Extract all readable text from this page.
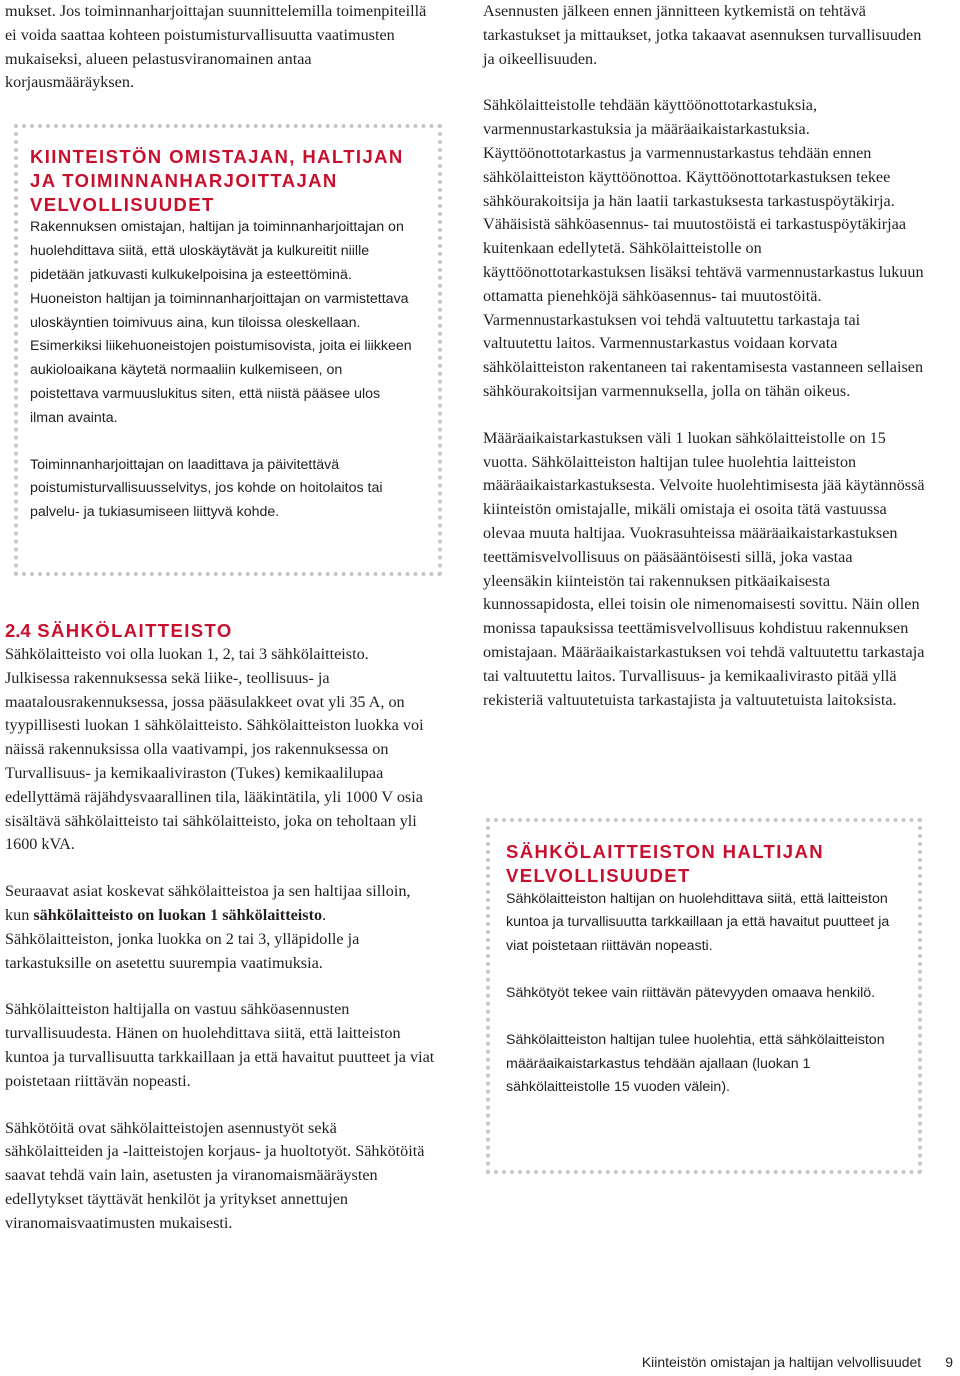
mukset. Jos toiminnanharjoittajan suunnittelemilla toimenpiteillä ei voida saattaa kohteen poistumisturvallisuutta vaatimusten mukaiseksi, alueen pelastusviranomainen antaa korjausmääräyksen.

KIINTEISTÖN OMISTAJAN, HALTIJAN JA TOIMINNANHARJOITTAJAN VELVOLLISUUDET

Rakennuksen omistajan, haltijan ja toiminnanharjoittajan on huolehdittava siitä, että uloskäytävät ja kulkureitit niille pidetään jatkuvasti kulkukelpoisina ja esteettöminä. Huoneiston haltijan ja toiminnanharjoittajan on varmistettava uloskäyntien toimivuus aina, kun tiloissa oleskellaan. Esimerkiksi liikehuoneistojen poistumisovista, joita ei liikkeen aukioloaikana käytetä normaaliin kulkemiseen, on poistettava varmuuslukitus siten, että niistä pääsee ulos ilman avainta.

Toiminnanharjoittajan on laadittava ja päivitettävä poistumisturvallisuusselvitys, jos kohde on hoitolaitos tai palvelu- ja tukiasumiseen liittyvä kohde.

2.4 SÄHKÖLAITTEISTO

Sähkölaitteisto voi olla luokan 1, 2, tai 3 sähkölaitteisto. Julkisessa rakennuksessa sekä liike-, teollisuus- ja maatalousrakennuksessa, jossa pääsulakkeet ovat yli 35 A, on tyypillisesti luokan 1 sähkölaitteisto. Sähkölaitteiston luokka voi näissä rakennuksissa olla vaativampi, jos rakennuksessa on Turvallisuus- ja kemikaaliviraston (Tukes) kemikaalilupaa edellyttämä räjähdysvaarallinen tila, lääkintätila, yli 1000 V osia sisältävä sähkölaitteisto tai sähkölaitteisto, joka on teholtaan yli 1600 kVA.

Seuraavat asiat koskevat sähkölaitteistoa ja sen haltijaa silloin, kun sähkölaitteisto on luokan 1 sähkölaitteisto. Sähkölaitteiston, jonka luokka on 2 tai 3, ylläpidolle ja tarkastuksille on asetettu suurempia vaatimuksia.

Sähkölaitteiston haltijalla on vastuu sähköasennusten turvallisuudesta. Hänen on huolehdittava siitä, että laitteiston kuntoa ja turvallisuutta tarkkaillaan ja että havaitut puutteet ja viat poistetaan riittävän nopeasti.

Sähkötöitä ovat sähkölaitteistojen asennustyöt sekä sähkölaitteiden ja -laitteistojen korjaus- ja huoltotyöt. Sähkötöitä saavat tehdä vain lain, asetusten ja viranomaismääräysten edellytykset täyttävät henkilöt ja yritykset annettujen viranomaisvaatimusten mukaisesti.

Asennusten jälkeen ennen jännitteen kytkemistä on tehtävä tarkastukset ja mittaukset, jotka takaavat asennuksen turvallisuuden ja oikeellisuuden.

Sähkölaitteistolle tehdään käyttöönottotarkastuksia, varmennustarkastuksia ja määräaikaistarkastuksia. Käyttöönottotarkastus ja varmennustarkastus tehdään ennen sähkölaitteiston käyttöönottoa. Käyttöönottotarkastuksen tekee sähköurakoitsija ja hän laatii tarkastuksesta tarkastuspöytäkirja. Vähäisistä sähköasennus- tai muutostöistä ei tarkastuspöytäkirjaa kuitenkaan edellytetä. Sähkölaitteistolle on käyttöönottotarkastuksen lisäksi tehtävä varmennustarkastus lukuun ottamatta pienehköjä sähköasennus- tai muutostöitä. Varmennustarkastuksen voi tehdä valtuutettu tarkastaja tai valtuutettu laitos. Varmennustarkastus voidaan korvata sähkölaitteiston rakentaneen tai rakentamisesta vastanneen sellaisen sähköurakoitsijan varmennuksella, jolla on tähän oikeus.

Määräaikaistarkastuksen väli 1 luokan sähkölaitteistolle on 15 vuotta. Sähkölaitteiston haltijan tulee huolehtia laitteiston määräaikaistarkastuksesta. Velvoite huolehtimisesta jää käytännössä kiinteistön omistajalle, mikäli omistaja ei osoita tätä vastuussa olevaa muuta haltijaa. Vuokrasuhteissa määräaikaistarkastuksen teettämisvelvollisuus on pääsääntöisesti sillä, joka vastaa yleensäkin kiinteistön tai rakennuksen pitkäaikaisesta kunnossapidosta, ellei toisin ole nimenomaisesti sovittu. Näin ollen monissa tapauksissa teettämisvelvollisuus kohdistuu rakennuksen omistajaan. Määräaikaistarkastuksen voi tehdä valtuutettu tarkastaja tai valtuutettu laitos. Turvallisuus- ja kemikaalivirasto pitää yllä rekisteriä valtuutetuista tarkastajista ja valtuutetuista laitoksista.

SÄHKÖLAITTEISTON HALTIJAN VELVOLLISUUDET

Sähkölaitteiston haltijan on huolehdittava siitä, että laitteiston kuntoa ja turvallisuutta tarkkaillaan ja että havaitut puutteet ja viat poistetaan riittävän nopeasti.

Sähkötyöt tekee vain riittävän pätevyyden omaava henkilö.

Sähkölaitteiston haltijan tulee huolehtia, että sähkölaitteiston määräaikaistarkastus tehdään ajallaan (luokan 1 sähkölaitteistolle 15 vuoden välein).

Kiinteistön omistajan ja haltijan velvollisuudet 9
